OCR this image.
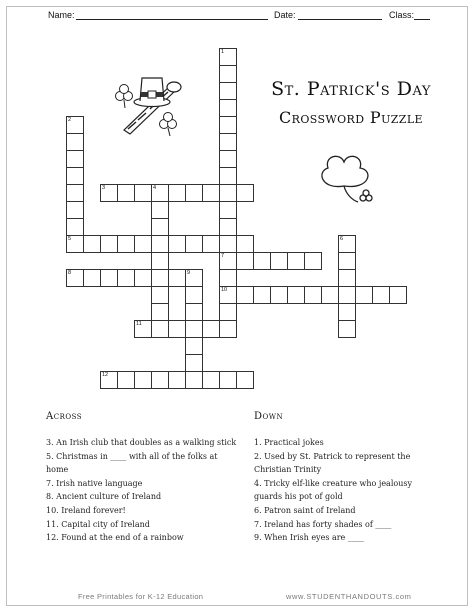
Name:	Date:	Class:
St. Patrick's Day
Crossword Puzzle
1
7
10
2
5
3	4
6
8	9
11
12
Across	Down
3. An Irish club that doubles as a walking stick
5. Christmas in ____ with all of the folks at home
7. Irish native language
8. Ancient culture of Ireland
10. Ireland forever!
11. Capital city of Ireland
12. Found at the end of a rainbow
1. Practical jokes
2. Used by St. Patrick to represent the Christian Trinity
4. Tricky elf-like creature who jealousy guards his pot of gold
6. Patron saint of Ireland
7. Ireland has forty shades of ____
9. When Irish eyes are ____
Free Printables for K-12 Education	www.STUDENTHANDOUTS.com
